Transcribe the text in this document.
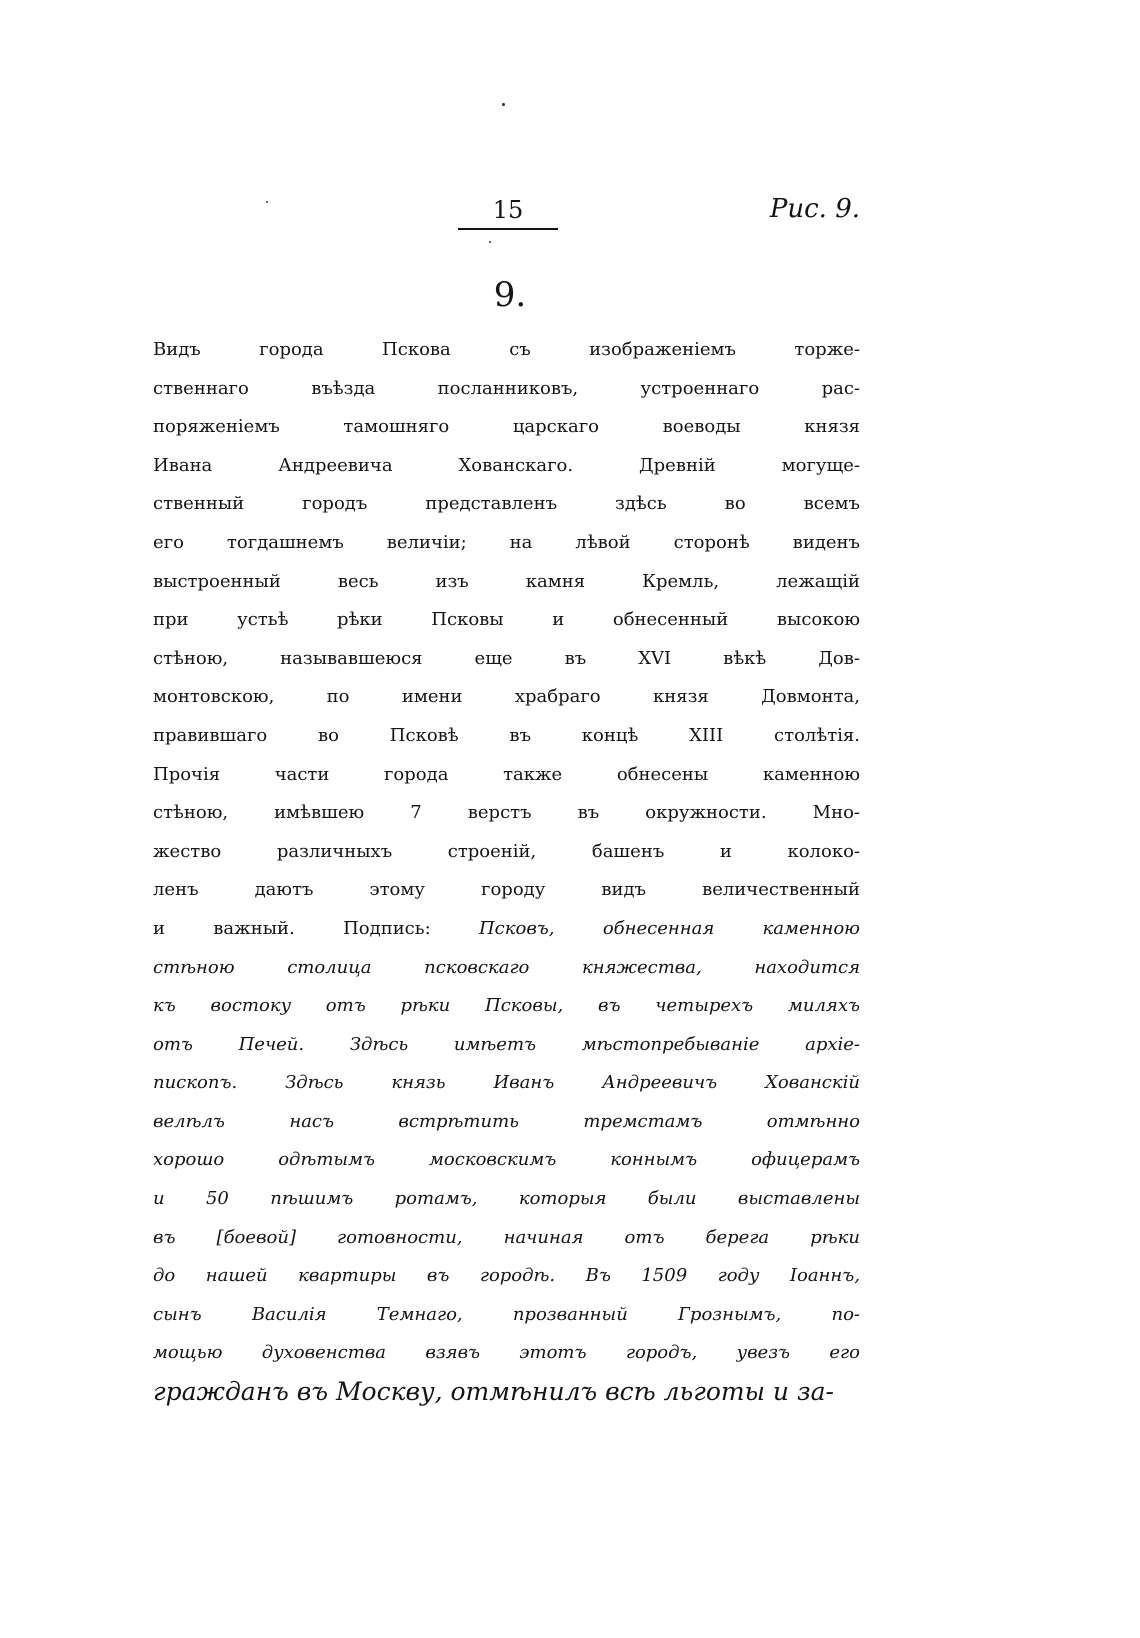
15	Рис. 9.
9.
Видъ города Пскова съ изображеніемъ торже-
ственнаго въѣзда посланниковъ, устроеннаго рас-
поряженіемъ тамошняго царскаго воеводы князя
Ивана Андреевича Хованскаго. Древній могуще-
ственный городъ представленъ здѣсь во всемъ
его тогдашнемъ величіи; на лѣвой сторонѣ виденъ
выстроенный весь изъ камня Кремль, лежащій
при устьѣ рѣки Псковы и обнесенный высокою
стѣною, называвшеюся еще въ XVI вѣкѣ Дов-
монтовскою, по имени храбраго князя Довмонта,
правившаго во Псковѣ въ концѣ XIII столѣтія.
Прочія части города также обнесены каменною
стѣною, имѣвшею 7 верстъ въ окружности. Мно-
жество различныхъ строеній, башенъ и колоко-
ленъ даютъ этому городу видъ величественный
и важный. Подпись: Псковъ, обнесенная каменною
стѣною столица псковскаго княжества, находится
къ востоку отъ рѣки Псковы, въ четырехъ миляхъ
отъ Печей. Здѣсь имѣетъ мѣстопребываніе архіе-
пископъ. Здѣсь князь Иванъ Андреевичъ Хованскій
велѣлъ насъ встрѣтить тремстамъ отмѣнно
хорошо одѣтымъ московскимъ коннымъ офицерамъ
и 50 пѣшимъ ротамъ, которыя были выставлены
въ [боевой] готовности, начиная отъ берега рѣки
до нашей квартиры въ городѣ. Въ 1509 году Іоаннъ,
сынъ Василія Темнаго, прозванный Грознымъ, по-
мощью духовенства взявъ этотъ городъ, увезъ его
гражданъ въ Москву, отмѣнилъ всѣ льготы и за-
